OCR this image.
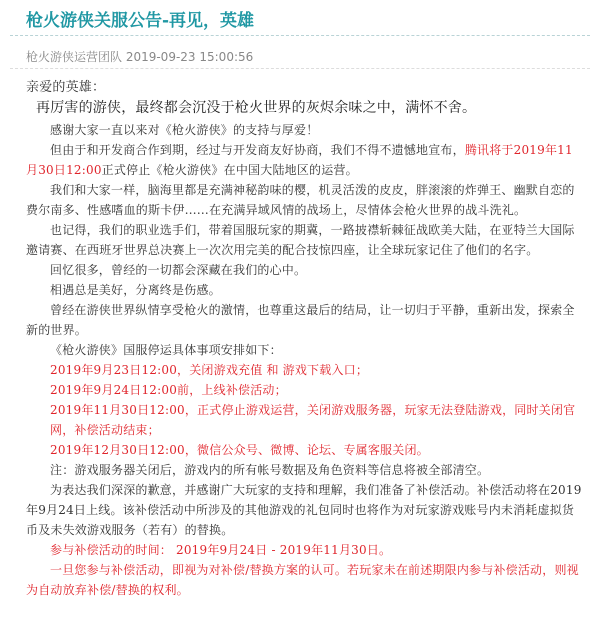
枪火游侠关服公告-再见，英雄
枪火游侠运营团队 2019-09-23 15:00:56

亲爱的英雄：

再厉害的游侠，最终都会沉没于枪火世界的灰烬余味之中，满怀不舍。

感谢大家一直以来对《枪火游侠》的支持与厚爱！

但由于和开发商合作到期，经过与开发商友好协商，我们不得不遗憾地宣布，腾讯将于2019年11月30日12:00正式停止《枪火游侠》在中国大陆地区的运营。

我们和大家一样，脑海里都是充满神秘韵味的樱，机灵活泼的皮皮，胖滚滚的炸弹王、幽默自恋的费尔南多、性感嗜血的斯卡伊……在充满异域风情的战场上，尽情体会枪火世界的战斗洗礼。

也记得，我们的职业选手们，带着国服玩家的期冀，一路披襟斩棘征战欧美大陆，在亚特兰大国际邀请赛、在西班牙世界总决赛上一次次用完美的配合技惊四座，让全球玩家记住了他们的名字。

回忆很多，曾经的一切都会深藏在我们的心中。

相遇总是美好，分离终是伤感。

曾经在游侠世界纵情享受枪火的激情，也尊重这最后的结局，让一切归于平静，重新出发，探索全新的世界。

《枪火游侠》国服停运具体事项安排如下：

2019年9月23日12:00，关闭游戏充值 和 游戏下载入口；

2019年9月24日12:00前，上线补偿活动；

2019年11月30日12:00，正式停止游戏运营，关闭游戏服务器，玩家无法登陆游戏，同时关闭官网，补偿活动结束；

2019年12月30日12:00，微信公众号、微博、论坛、专属客服关闭。

注：游戏服务器关闭后，游戏内的所有帐号数据及角色资料等信息将被全部清空。

为表达我们深深的歉意，并感谢广大玩家的支持和理解，我们准备了补偿活动。补偿活动将在2019年9月24日上线。该补偿活动中所涉及的其他游戏的礼包同时也将作为对玩家游戏账号内未消耗虚拟货币及未失效游戏服务（若有）的替换。

参与补偿活动的时间： 2019年9月24日 - 2019年11月30日。

一旦您参与补偿活动，即视为对补偿/替换方案的认可。若玩家未在前述期限内参与补偿活动，则视为自动放弃补偿/替换的权利。
